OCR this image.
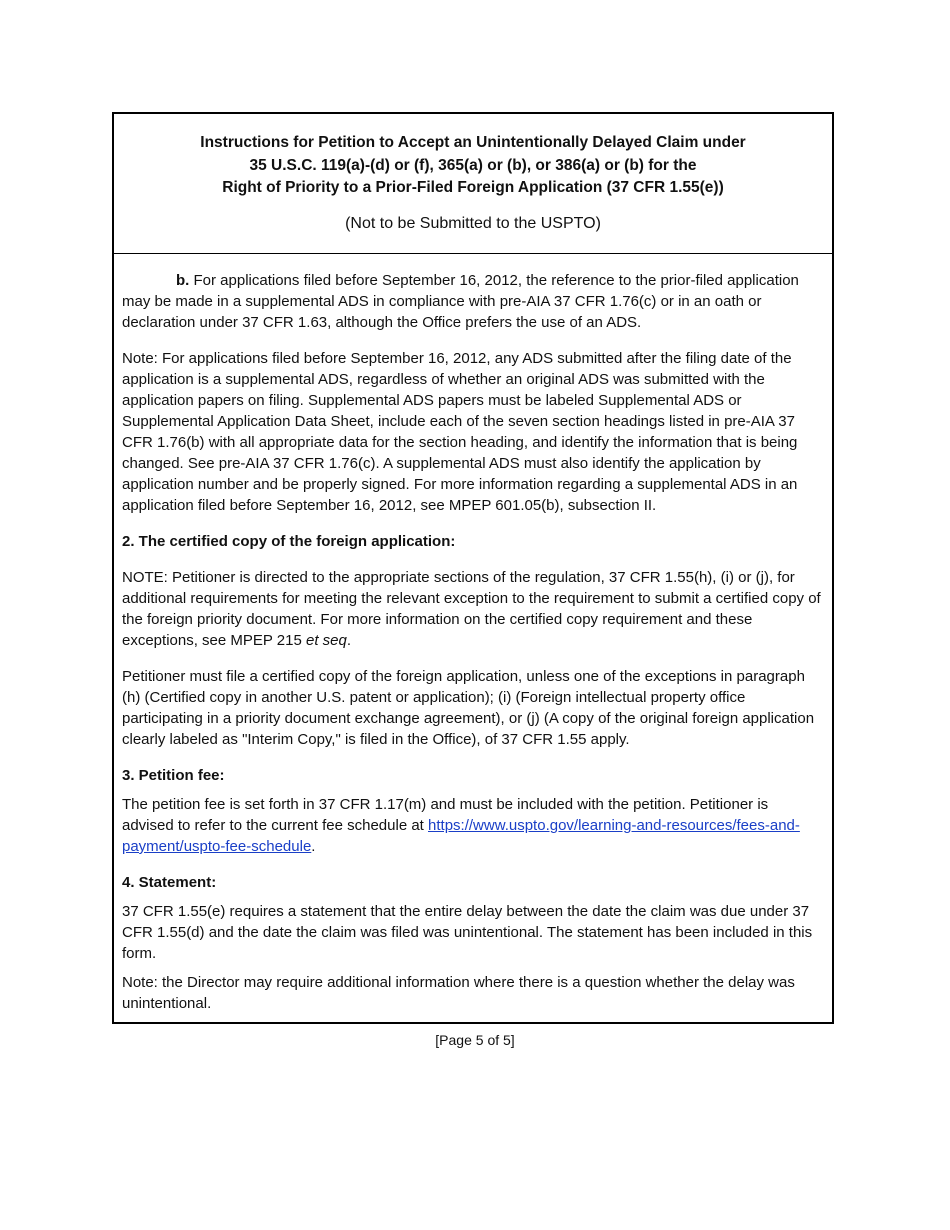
Instructions for Petition to Accept an Unintentionally Delayed Claim under
35 U.S.C. 119(a)-(d) or (f), 365(a) or (b), or 386(a) or (b) for the
Right of Priority to a Prior-Filed Foreign Application (37 CFR 1.55(e))
(Not to be Submitted to the USPTO)

b. For applications filed before September 16, 2012, the reference to the prior-filed application may be made in a supplemental ADS in compliance with pre-AIA 37 CFR 1.76(c) or in an oath or declaration under 37 CFR 1.63, although the Office prefers the use of an ADS.

Note: For applications filed before September 16, 2012, any ADS submitted after the filing date of the application is a supplemental ADS, regardless of whether an original ADS was submitted with the application papers on filing. Supplemental ADS papers must be labeled Supplemental ADS or Supplemental Application Data Sheet, include each of the seven section headings listed in pre-AIA 37 CFR 1.76(b) with all appropriate data for the section heading, and identify the information that is being changed. See pre-AIA 37 CFR 1.76(c). A supplemental ADS must also identify the application by application number and be properly signed. For more information regarding a supplemental ADS in an application filed before September 16, 2012, see MPEP 601.05(b), subsection II.

2. The certified copy of the foreign application:

NOTE: Petitioner is directed to the appropriate sections of the regulation, 37 CFR 1.55(h), (i) or (j), for additional requirements for meeting the relevant exception to the requirement to submit a certified copy of the foreign priority document. For more information on the certified copy requirement and these exceptions, see MPEP 215 et seq.

Petitioner must file a certified copy of the foreign application, unless one of the exceptions in paragraph (h) (Certified copy in another U.S. patent or application); (i) (Foreign intellectual property office participating in a priority document exchange agreement), or (j) (A copy of the original foreign application clearly labeled as "Interim Copy," is filed in the Office), of 37 CFR 1.55 apply.

3. Petition fee:

The petition fee is set forth in 37 CFR 1.17(m) and must be included with the petition. Petitioner is advised to refer to the current fee schedule at https://www.uspto.gov/learning-and-resources/fees-and-payment/uspto-fee-schedule.

4. Statement:

37 CFR 1.55(e) requires a statement that the entire delay between the date the claim was due under 37 CFR 1.55(d) and the date the claim was filed was unintentional. The statement has been included in this form.

Note: the Director may require additional information where there is a question whether the delay was unintentional.

[Page 5 of 5]
